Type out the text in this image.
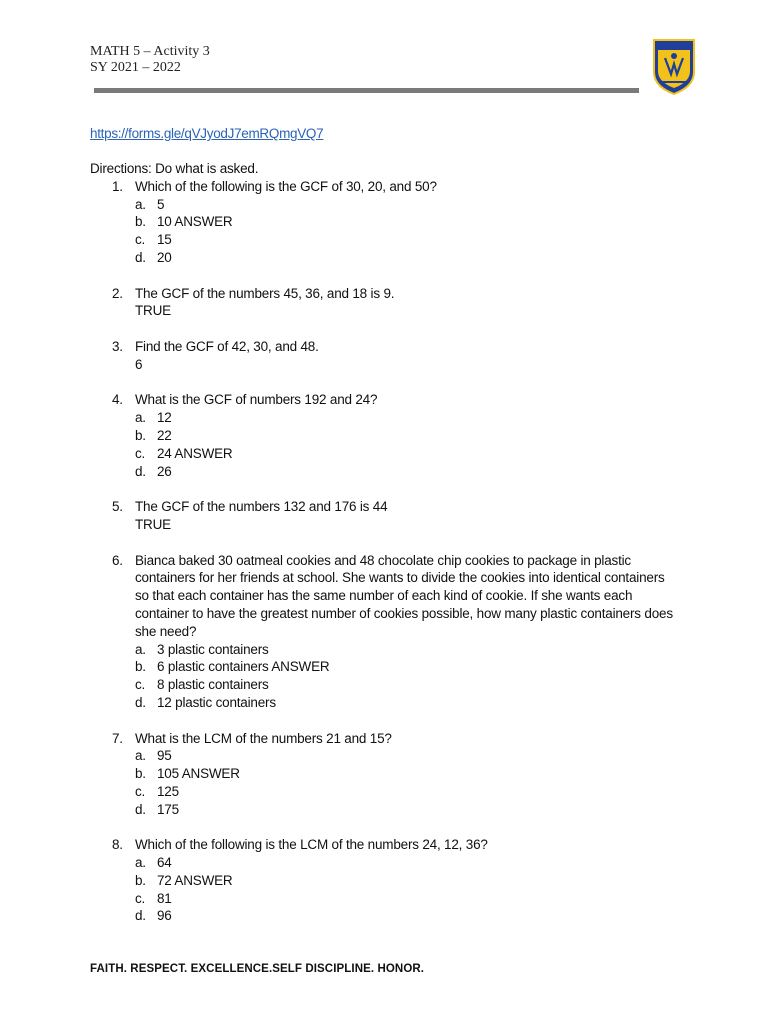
MATH 5 – Activity 3
SY 2021 – 2022
https://forms.gle/qVJyodJ7emRQmgVQ7

Directions: Do what is asked.

1. Which of the following is the GCF of 30, 20, and 50?

a. 5
b. 10 ANSWER
c. 15
d. 20
2. The GCF of the numbers 45, 36, and 18 is 9.

TRUE

3. Find the GCF of 42, 30, and 48.

6

4. What is the GCF of numbers 192 and 24?

a. 12
b. 22
c. 24 ANSWER
d. 26
5. The GCF of the numbers 132 and 176 is 44

TRUE

6. Bianca baked 30 oatmeal cookies and 48 chocolate chip cookies to package in plastic containers for her friends at school. She wants to divide the cookies into identical containers so that each container has the same number of each kind of cookie. If she wants each container to have the greatest number of cookies possible, how many plastic containers does she need?

a. 3 plastic containers
b. 6 plastic containers ANSWER
c. 8 plastic containers
d. 12 plastic containers
7. What is the LCM of the numbers 21 and 15?

a. 95
b. 105 ANSWER
c. 125
d. 175
8. Which of the following is the LCM of the numbers 24, 12, 36?

a. 64
b. 72 ANSWER
c. 81
d. 96
FAITH. RESPECT. EXCELLENCE.SELF DISCIPLINE. HONOR.
